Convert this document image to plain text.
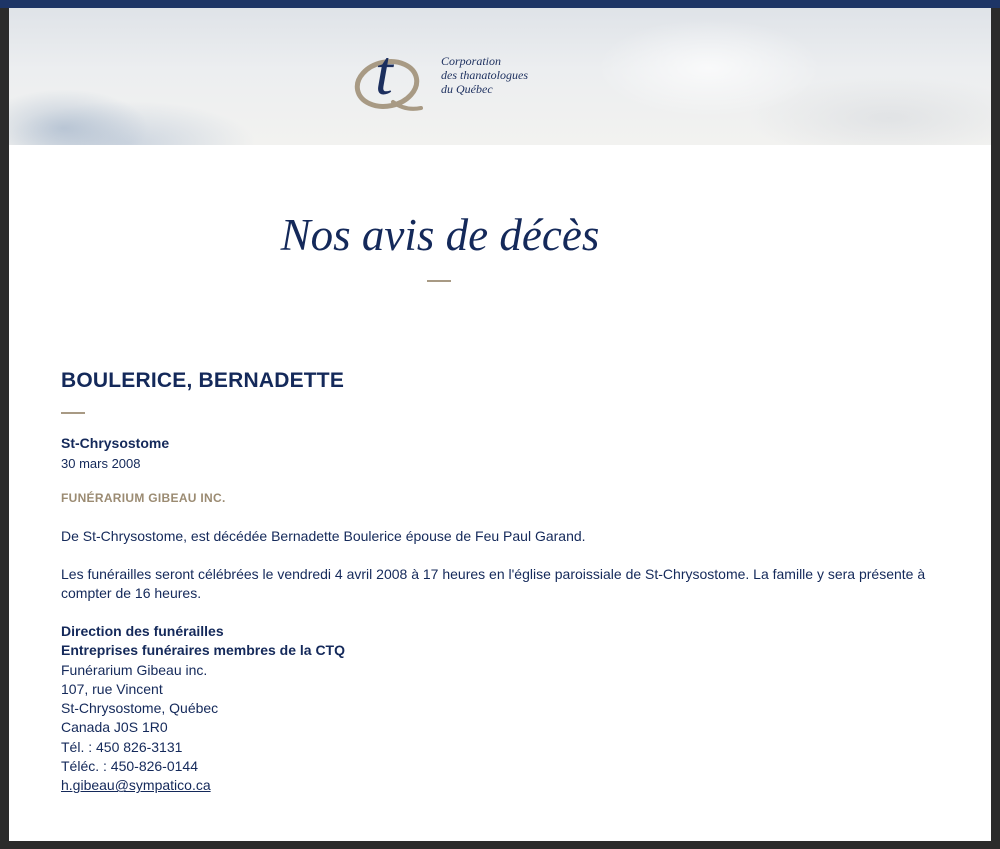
t	Corporation
des thanatologues
du Québec
Nos avis de décès
BOULERICE, BERNADETTE
St-Chrysostome
30 mars 2008
FUNÉRARIUM GIBEAU INC.
De St-Chrysostome, est décédée Bernadette Boulerice épouse de Feu Paul Garand.
Les funérailles seront célébrées le vendredi 4 avril 2008 à 17 heures en l'église paroissiale de St-Chrysostome. La famille y sera présente à compter de 16 heures.
Direction des funérailles
Entreprises funéraires membres de la CTQ
Funérarium Gibeau inc.
107, rue Vincent
St-Chrysostome, Québec
Canada J0S 1R0
Tél. : 450 826-3131
Téléc. : 450-826-0144
h.gibeau@sympatico.ca
